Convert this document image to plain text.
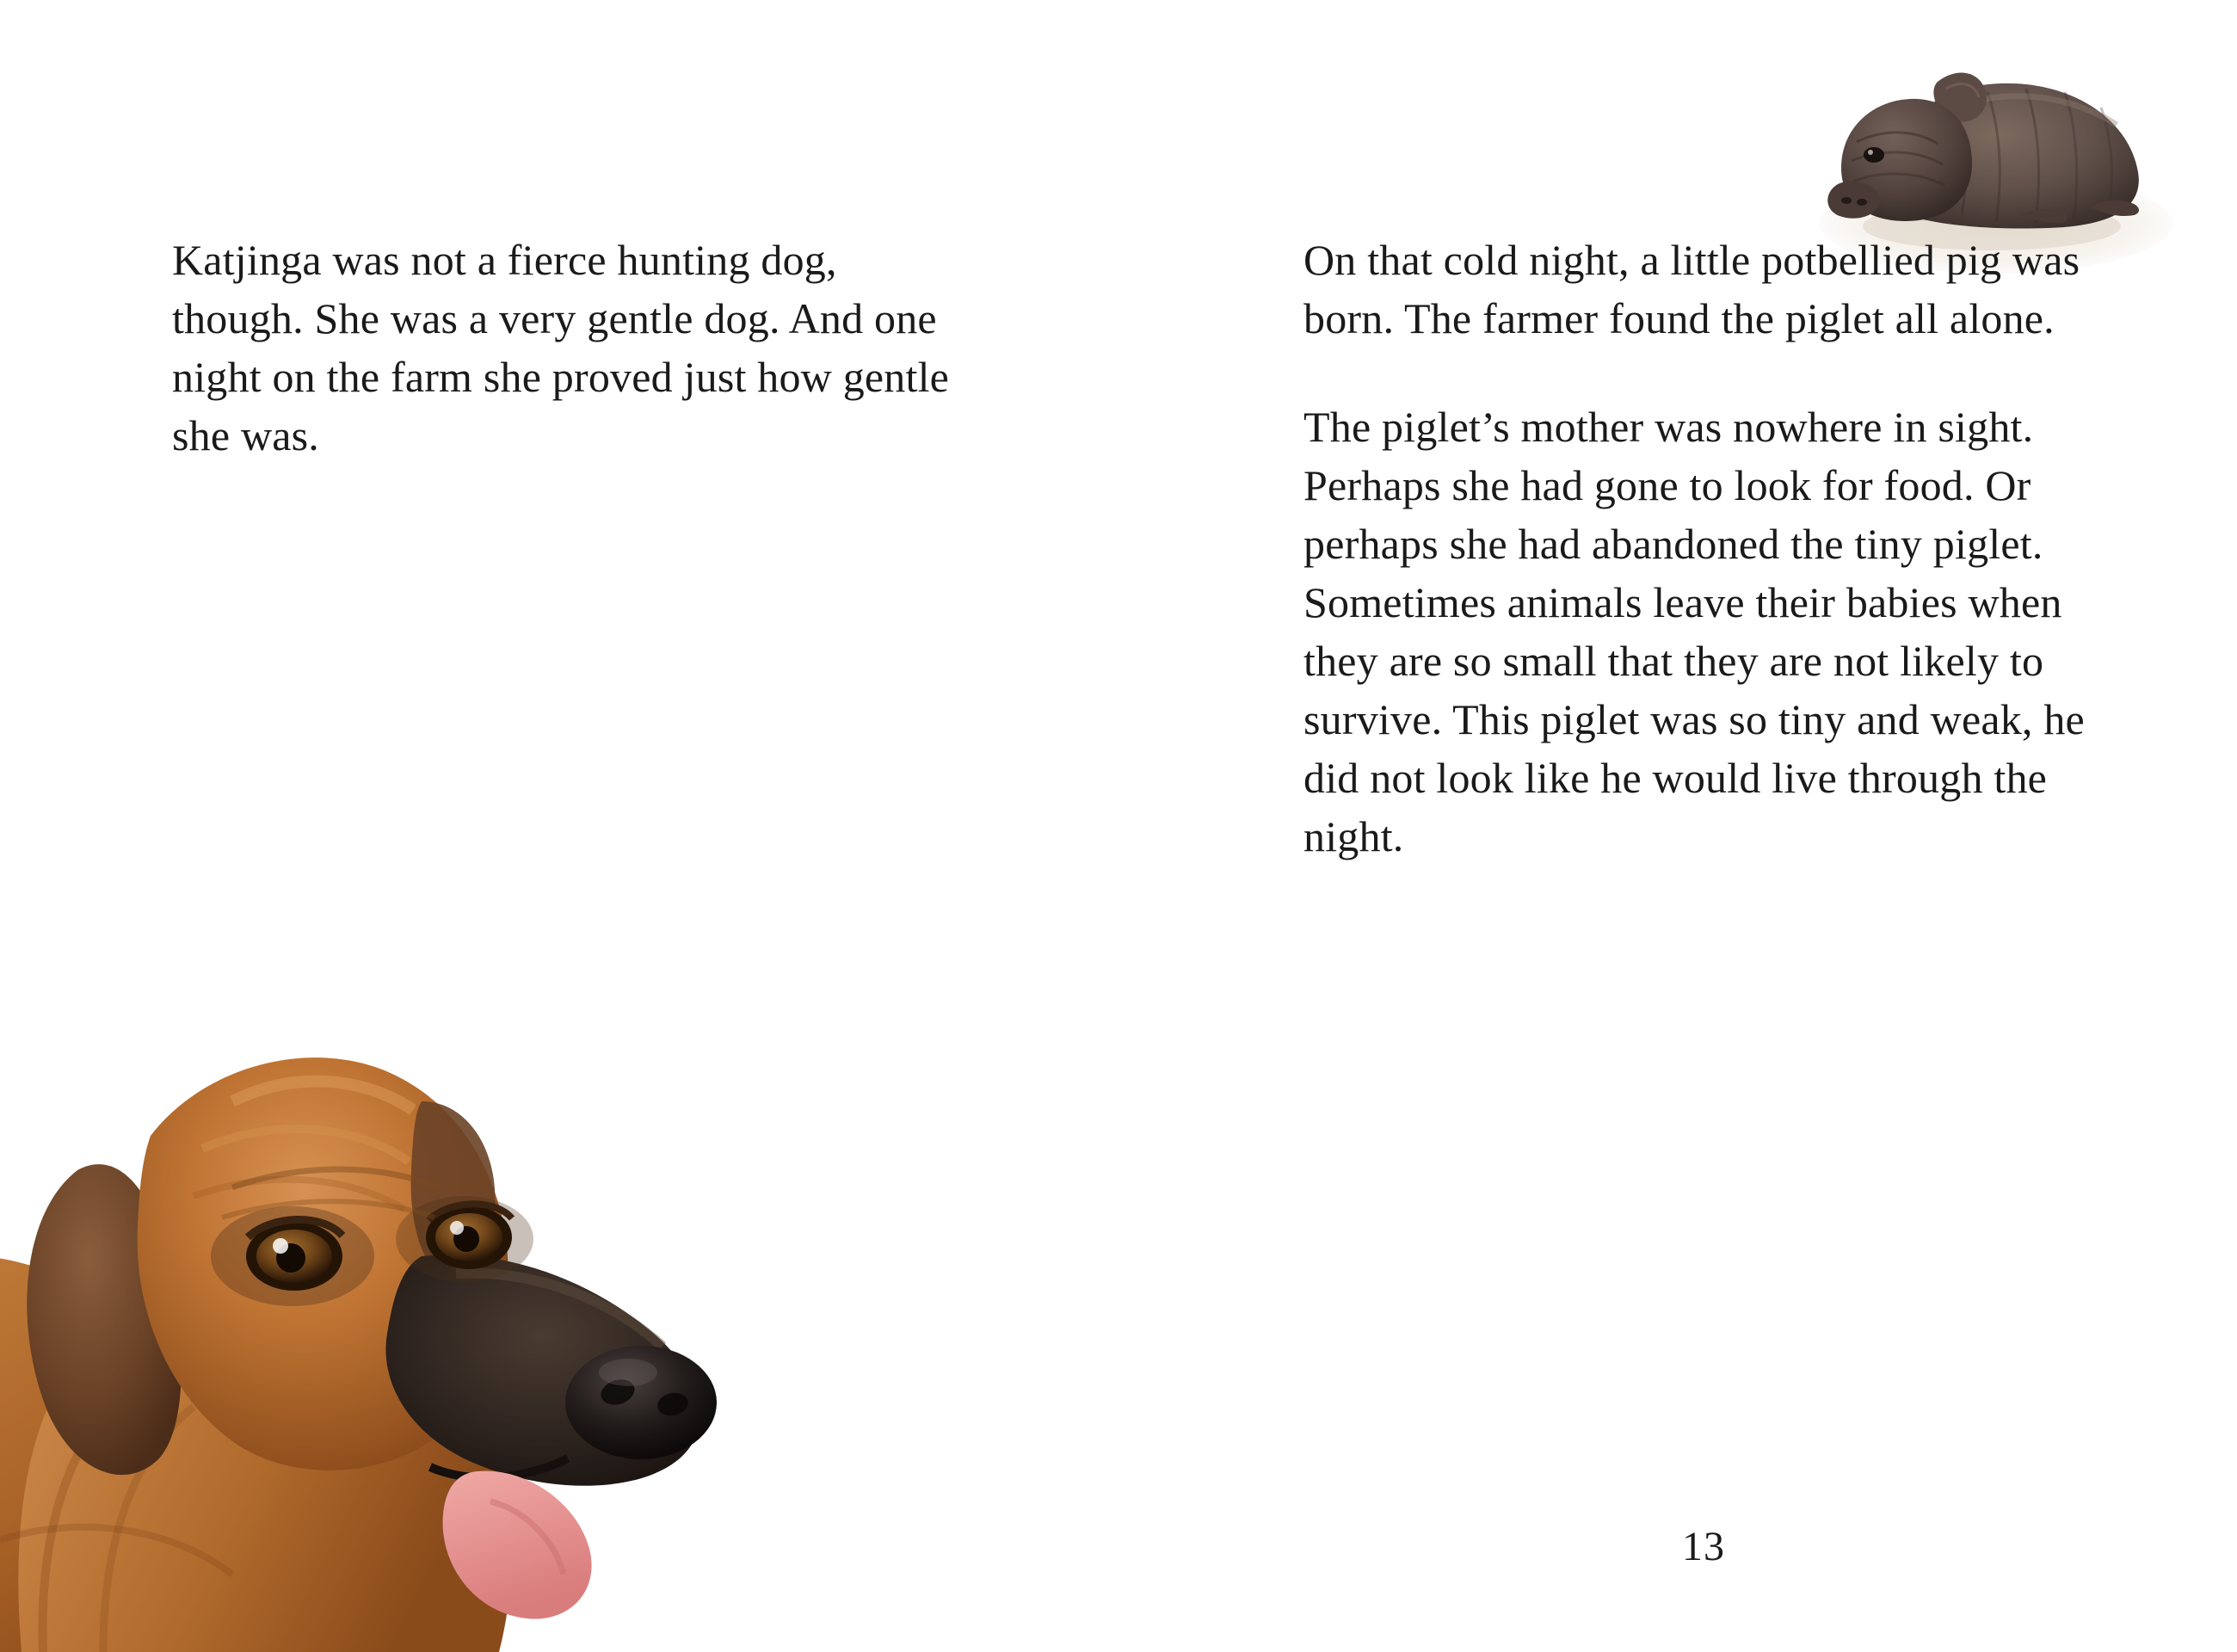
Katjinga was not a fierce hunting dog, though. She was a very gentle dog. And one night on the farm she proved just how gentle she was.

On that cold night, a little potbellied pig was born. The farmer found the piglet all alone.

The piglet’s mother was nowhere in sight. Perhaps she had gone to look for food. Or perhaps she had abandoned the tiny piglet. Sometimes animals leave their babies when they are so small that they are not likely to survive. This piglet was so tiny and weak, he did not look like he would live through the night.

13
